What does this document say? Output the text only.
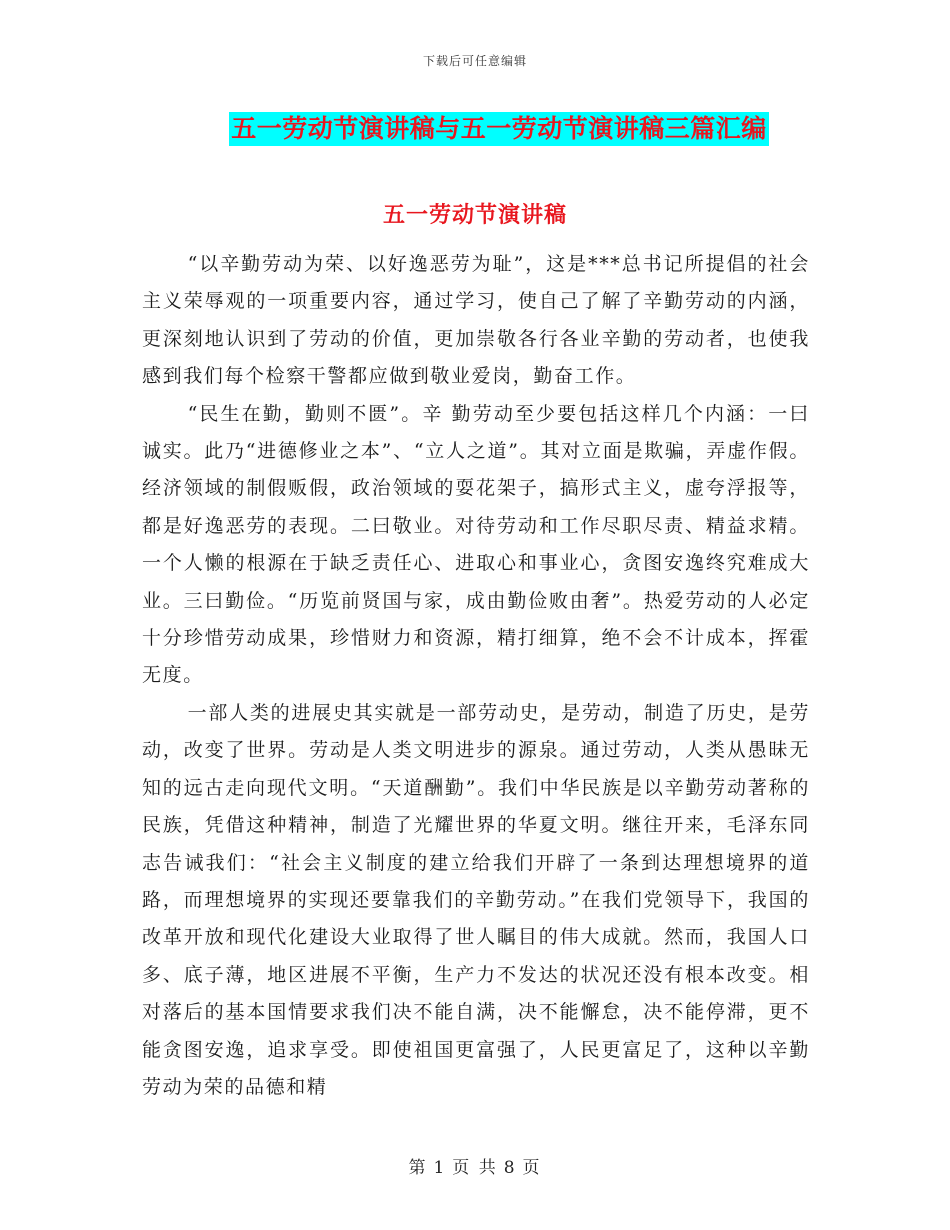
下载后可任意编辑
五一劳动节演讲稿与五一劳动节演讲稿三篇汇编
五一劳动节演讲稿

“以辛勤劳动为荣、以好逸恶劳为耻”，这是***总书记所提倡的社会主义荣辱观的一项重要内容，通过学习，使自己了解了辛勤劳动的内涵，更深刻地认识到了劳动的价值，更加崇敬各行各业辛勤的劳动者，也使我感到我们每个检察干警都应做到敬业爱岗，勤奋工作。

“民生在勤，勤则不匮”。辛 勤劳动至少要包括这样几个内涵：一曰诚实。此乃“进德修业之本”、“立人之道”。其对立面是欺骗，弄虚作假。经济领域的制假贩假，政治领域的耍花架子，搞形式主义，虚夸浮报等，都是好逸恶劳的表现。二曰敬业。对待劳动和工作尽职尽责、精益求精。一个人懒的根源在于缺乏责任心、进取心和事业心，贪图安逸终究难成大业。三曰勤俭。“历览前贤国与家，成由勤俭败由奢”。热爱劳动的人必定十分珍惜劳动成果，珍惜财力和资源，精打细算，绝不会不计成本，挥霍无度。

一部人类的进展史其实就是一部劳动史，是劳动，制造了历史，是劳动，改变了世界。劳动是人类文明进步的源泉。通过劳动，人类从愚昧无知的远古走向现代文明。“天道酬勤”。我们中华民族是以辛勤劳动著称的民族，凭借这种精神，制造了光耀世界的华夏文明。继往开来，毛泽东同志告诫我们：“社会主义制度的建立给我们开辟了一条到达理想境界的道路，而理想境界的实现还要靠我们的辛勤劳动。”在我们党领导下，我国的改革开放和现代化建设大业取得了世人瞩目的伟大成就。然而，我国人口多、底子薄，地区进展不平衡，生产力不发达的状况还没有根本改变。相对落后的基本国情要求我们决不能自满，决不能懈怠，决不能停滞，更不能贪图安逸，追求享受。即使祖国更富强了，人民更富足了，这种以辛勤劳动为荣的品德和精

第 1 页 共 8 页
